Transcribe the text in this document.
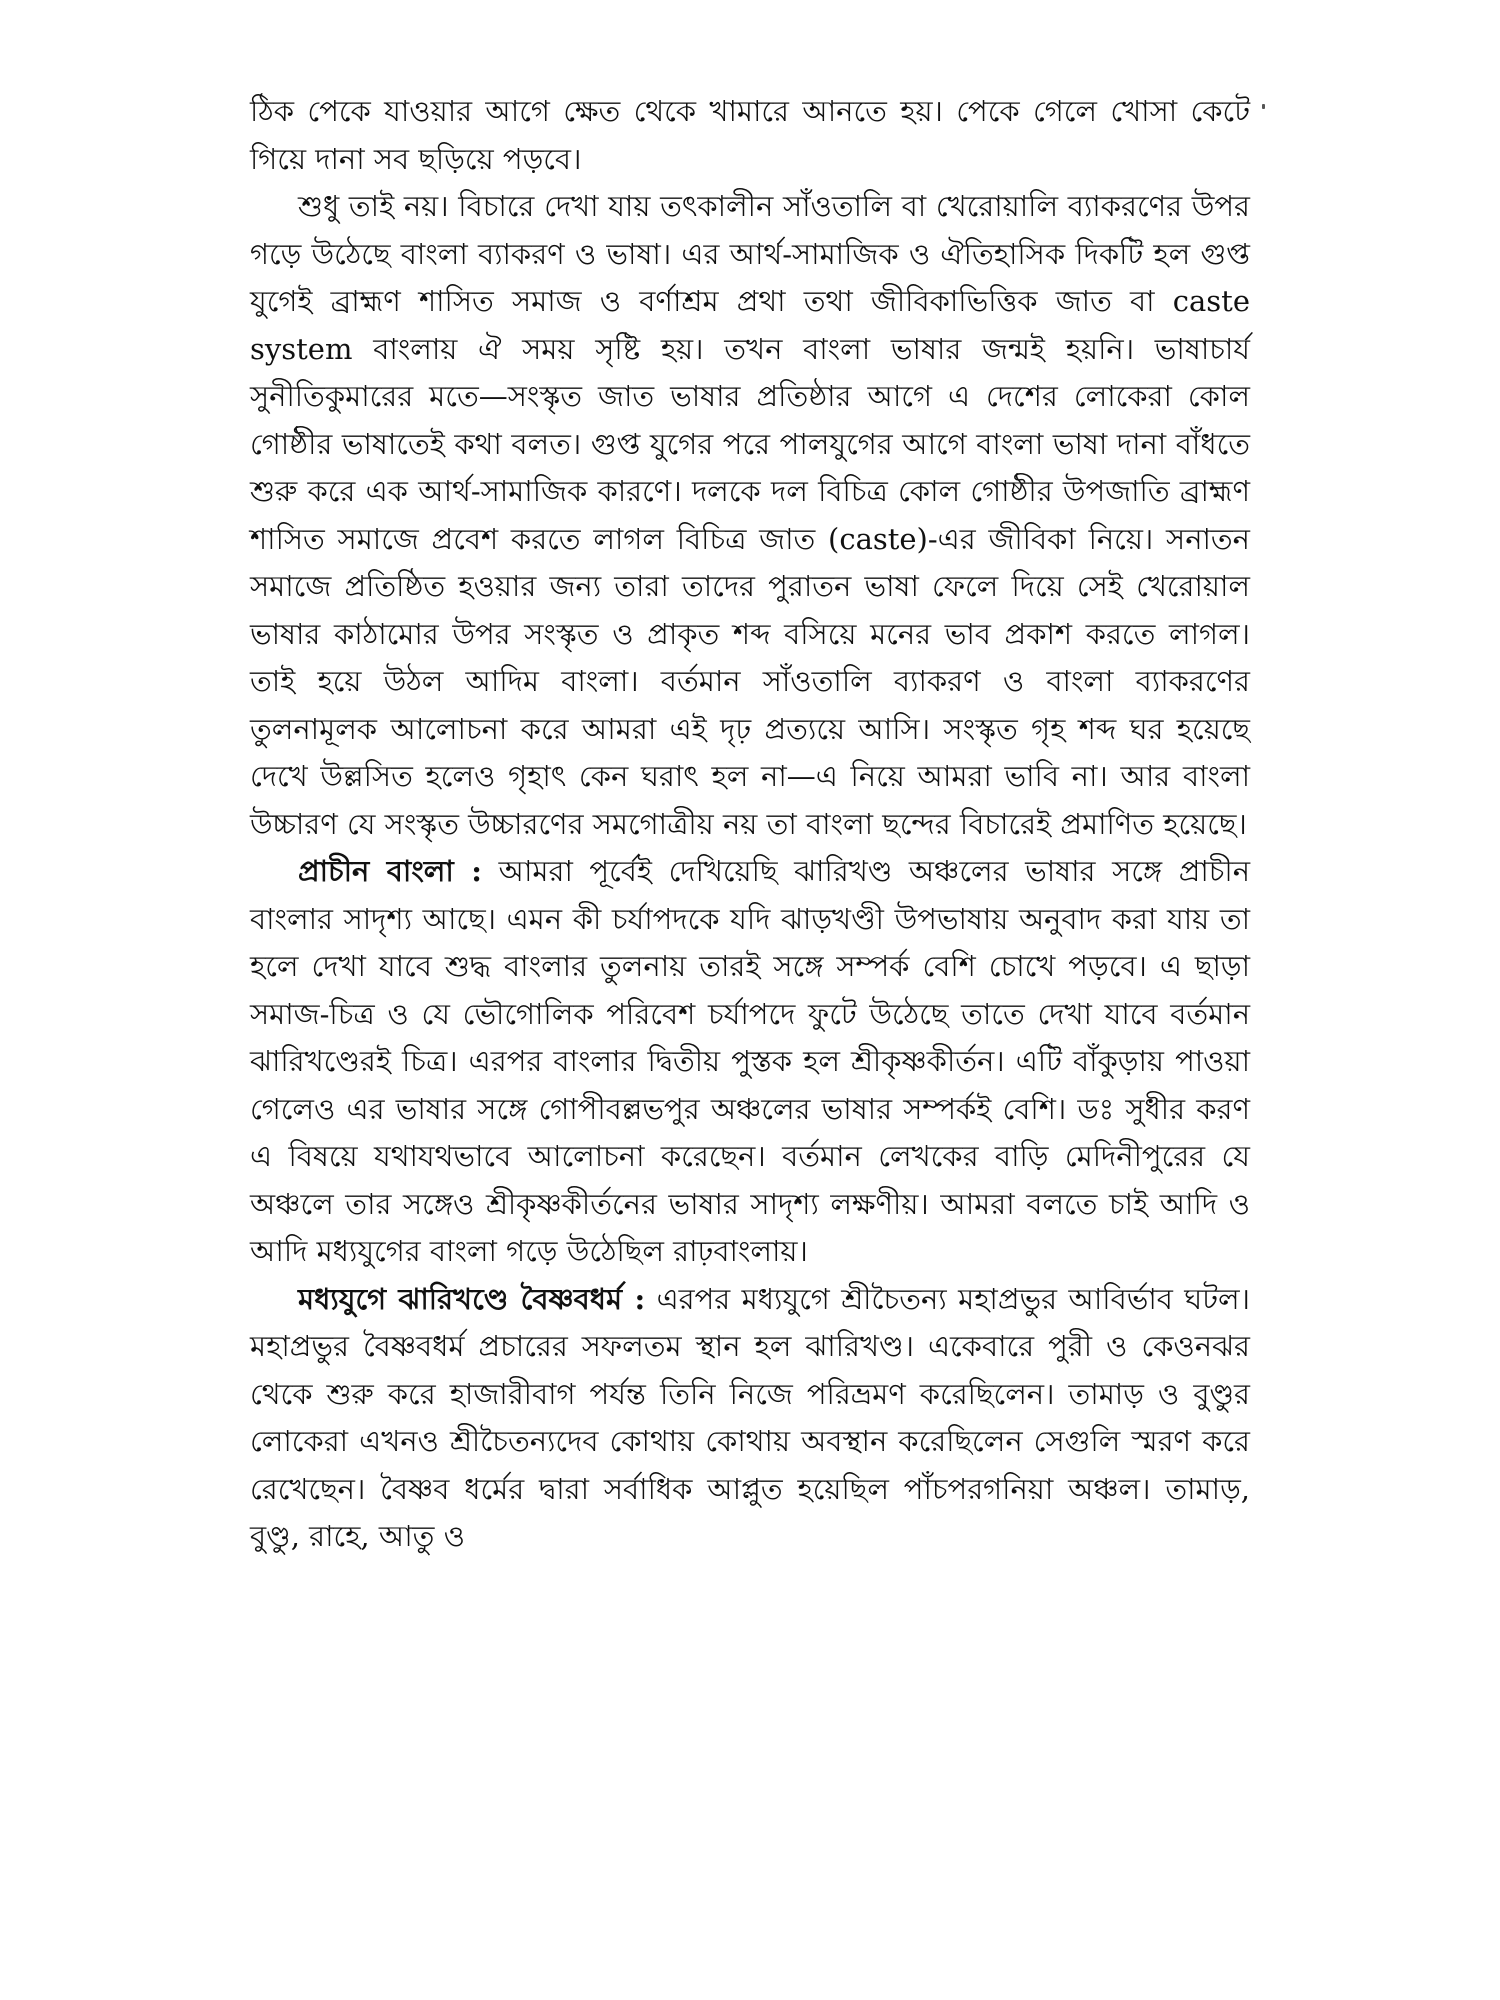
ঠিক পেকে যাওয়ার আগে ক্ষেত থেকে খামারে আনতে হয়। পেকে গেলে খোসা কেটে গিয়ে দানা সব ছড়িয়ে পড়বে।

শুধু তাই নয়। বিচারে দেখা যায় তৎকালীন সাঁওতালি বা খেরোয়ালি ব্যাকরণের উপর গড়ে উঠেছে বাংলা ব্যাকরণ ও ভাষা। এর আর্থ-সামাজিক ও ঐতিহাসিক দিকটি হল গুপ্ত যুগেই ব্রাহ্মণ শাসিত সমাজ ও বর্ণাশ্রম প্রথা তথা জীবিকাভিত্তিক জাত বা caste system বাংলায় ঐ সময় সৃষ্টি হয়। তখন বাংলা ভাষার জন্মই হয়নি। ভাষাচার্য সুনীতিকুমারের মতে—সংস্কৃত জাত ভাষার প্রতিষ্ঠার আগে এ দেশের লোকেরা কোল গোষ্ঠীর ভাষাতেই কথা বলত। গুপ্ত যুগের পরে পালযুগের আগে বাংলা ভাষা দানা বাঁধতে শুরু করে এক আর্থ-সামাজিক কারণে। দলকে দল বিচিত্র কোল গোষ্ঠীর উপজাতি ব্রাহ্মণ শাসিত সমাজে প্রবেশ করতে লাগল বিচিত্র জাত (caste)-এর জীবিকা নিয়ে। সনাতন সমাজে প্রতিষ্ঠিত হওয়ার জন্য তারা তাদের পুরাতন ভাষা ফেলে দিয়ে সেই খেরোয়াল ভাষার কাঠামোর উপর সংস্কৃত ও প্রাকৃত শব্দ বসিয়ে মনের ভাব প্রকাশ করতে লাগল। তাই হয়ে উঠল আদিম বাংলা। বর্তমান সাঁওতালি ব্যাকরণ ও বাংলা ব্যাকরণের তুলনামূলক আলোচনা করে আমরা এই দৃঢ় প্রত্যয়ে আসি। সংস্কৃত গৃহ শব্দ ঘর হয়েছে দেখে উল্লসিত হলেও গৃহাৎ কেন ঘরাৎ হল না—এ নিয়ে আমরা ভাবি না। আর বাংলা উচ্চারণ যে সংস্কৃত উচ্চারণের সমগোত্রীয় নয় তা বাংলা ছন্দের বিচারেই প্রমাণিত হয়েছে।

প্রাচীন বাংলা : আমরা পূর্বেই দেখিয়েছি ঝারিখণ্ড অঞ্চলের ভাষার সঙ্গে প্রাচীন বাংলার সাদৃশ্য আছে। এমন কী চর্যাপদকে যদি ঝাড়খণ্ডী উপভাষায় অনুবাদ করা যায় তা হলে দেখা যাবে শুদ্ধ বাংলার তুলনায় তারই সঙ্গে সম্পর্ক বেশি চোখে পড়বে। এ ছাড়া সমাজ-চিত্র ও যে ভৌগোলিক পরিবেশ চর্যাপদে ফুটে উঠেছে তাতে দেখা যাবে বর্তমান ঝারিখণ্ডেরই চিত্র। এরপর বাংলার দ্বিতীয় পুস্তক হল শ্রীকৃষ্ণকীর্তন। এটি বাঁকুড়ায় পাওয়া গেলেও এর ভাষার সঙ্গে গোপীবল্লভপুর অঞ্চলের ভাষার সম্পর্কই বেশি। ডঃ সুধীর করণ এ বিষয়ে যথাযথভাবে আলোচনা করেছেন। বর্তমান লেখকের বাড়ি মেদিনীপুরের যে অঞ্চলে তার সঙ্গেও শ্রীকৃষ্ণকীর্তনের ভাষার সাদৃশ্য লক্ষণীয়। আমরা বলতে চাই আদি ও আদি মধ্যযুগের বাংলা গড়ে উঠেছিল রাঢ়বাংলায়।

মধ্যযুগে ঝারিখণ্ডে বৈষ্ণবধর্ম : এরপর মধ্যযুগে শ্রীচৈতন্য মহাপ্রভুর আবির্ভাব ঘটল। মহাপ্রভুর বৈষ্ণবধর্ম প্রচারের সফলতম স্থান হল ঝারিখণ্ড। একেবারে পুরী ও কেওনঝর থেকে শুরু করে হাজারীবাগ পর্যন্ত তিনি নিজে পরিভ্রমণ করেছিলেন। তামাড় ও বুণ্ডুর লোকেরা এখনও শ্রীচৈতন্যদেব কোথায় কোথায় অবস্থান করেছিলেন সেগুলি স্মরণ করে রেখেছেন। বৈষ্ণব ধর্মের দ্বারা সর্বাধিক আপ্লুত হয়েছিল পাঁচপরগনিয়া অঞ্চল। তামাড়, বুণ্ডু, রাহে, আতু ও
